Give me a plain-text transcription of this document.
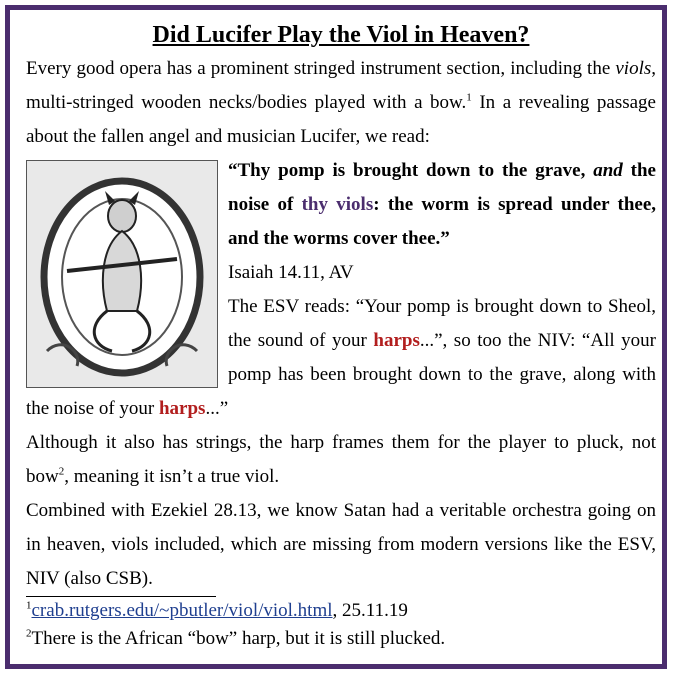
Did Lucifer Play the Viol in Heaven?

Every good opera has a prominent stringed instrument section, including the viols, multi-stringed wooden necks/bodies played with a bow.$^1$ In a revealing passage about the fallen angel and musician Lucifer, we read:

“Thy pomp is brought down to the grave, and the noise of thy viols: the worm is spread under thee, and the worms cover thee.”

Isaiah 14.11, AV

The ESV reads: “Your pomp is brought down to Sheol, the sound of your harps...”, so too the NIV: “All your pomp has been brought down to the grave, along with the noise of your harps...”

Although it also has strings, the harp frames them for the player to pluck, not bow$^2$, meaning it isn’t a true viol.

Combined with Ezekiel 28.13, we know Satan had a veritable orchestra going on in heaven, viols included, which are missing from modern versions like the ESV, NIV (also CSB).

$^1$crab.rutgers.edu/~pbutler/viol/viol.html, 25.11.19

$^2$There is the African “bow” harp, but it is still plucked.
